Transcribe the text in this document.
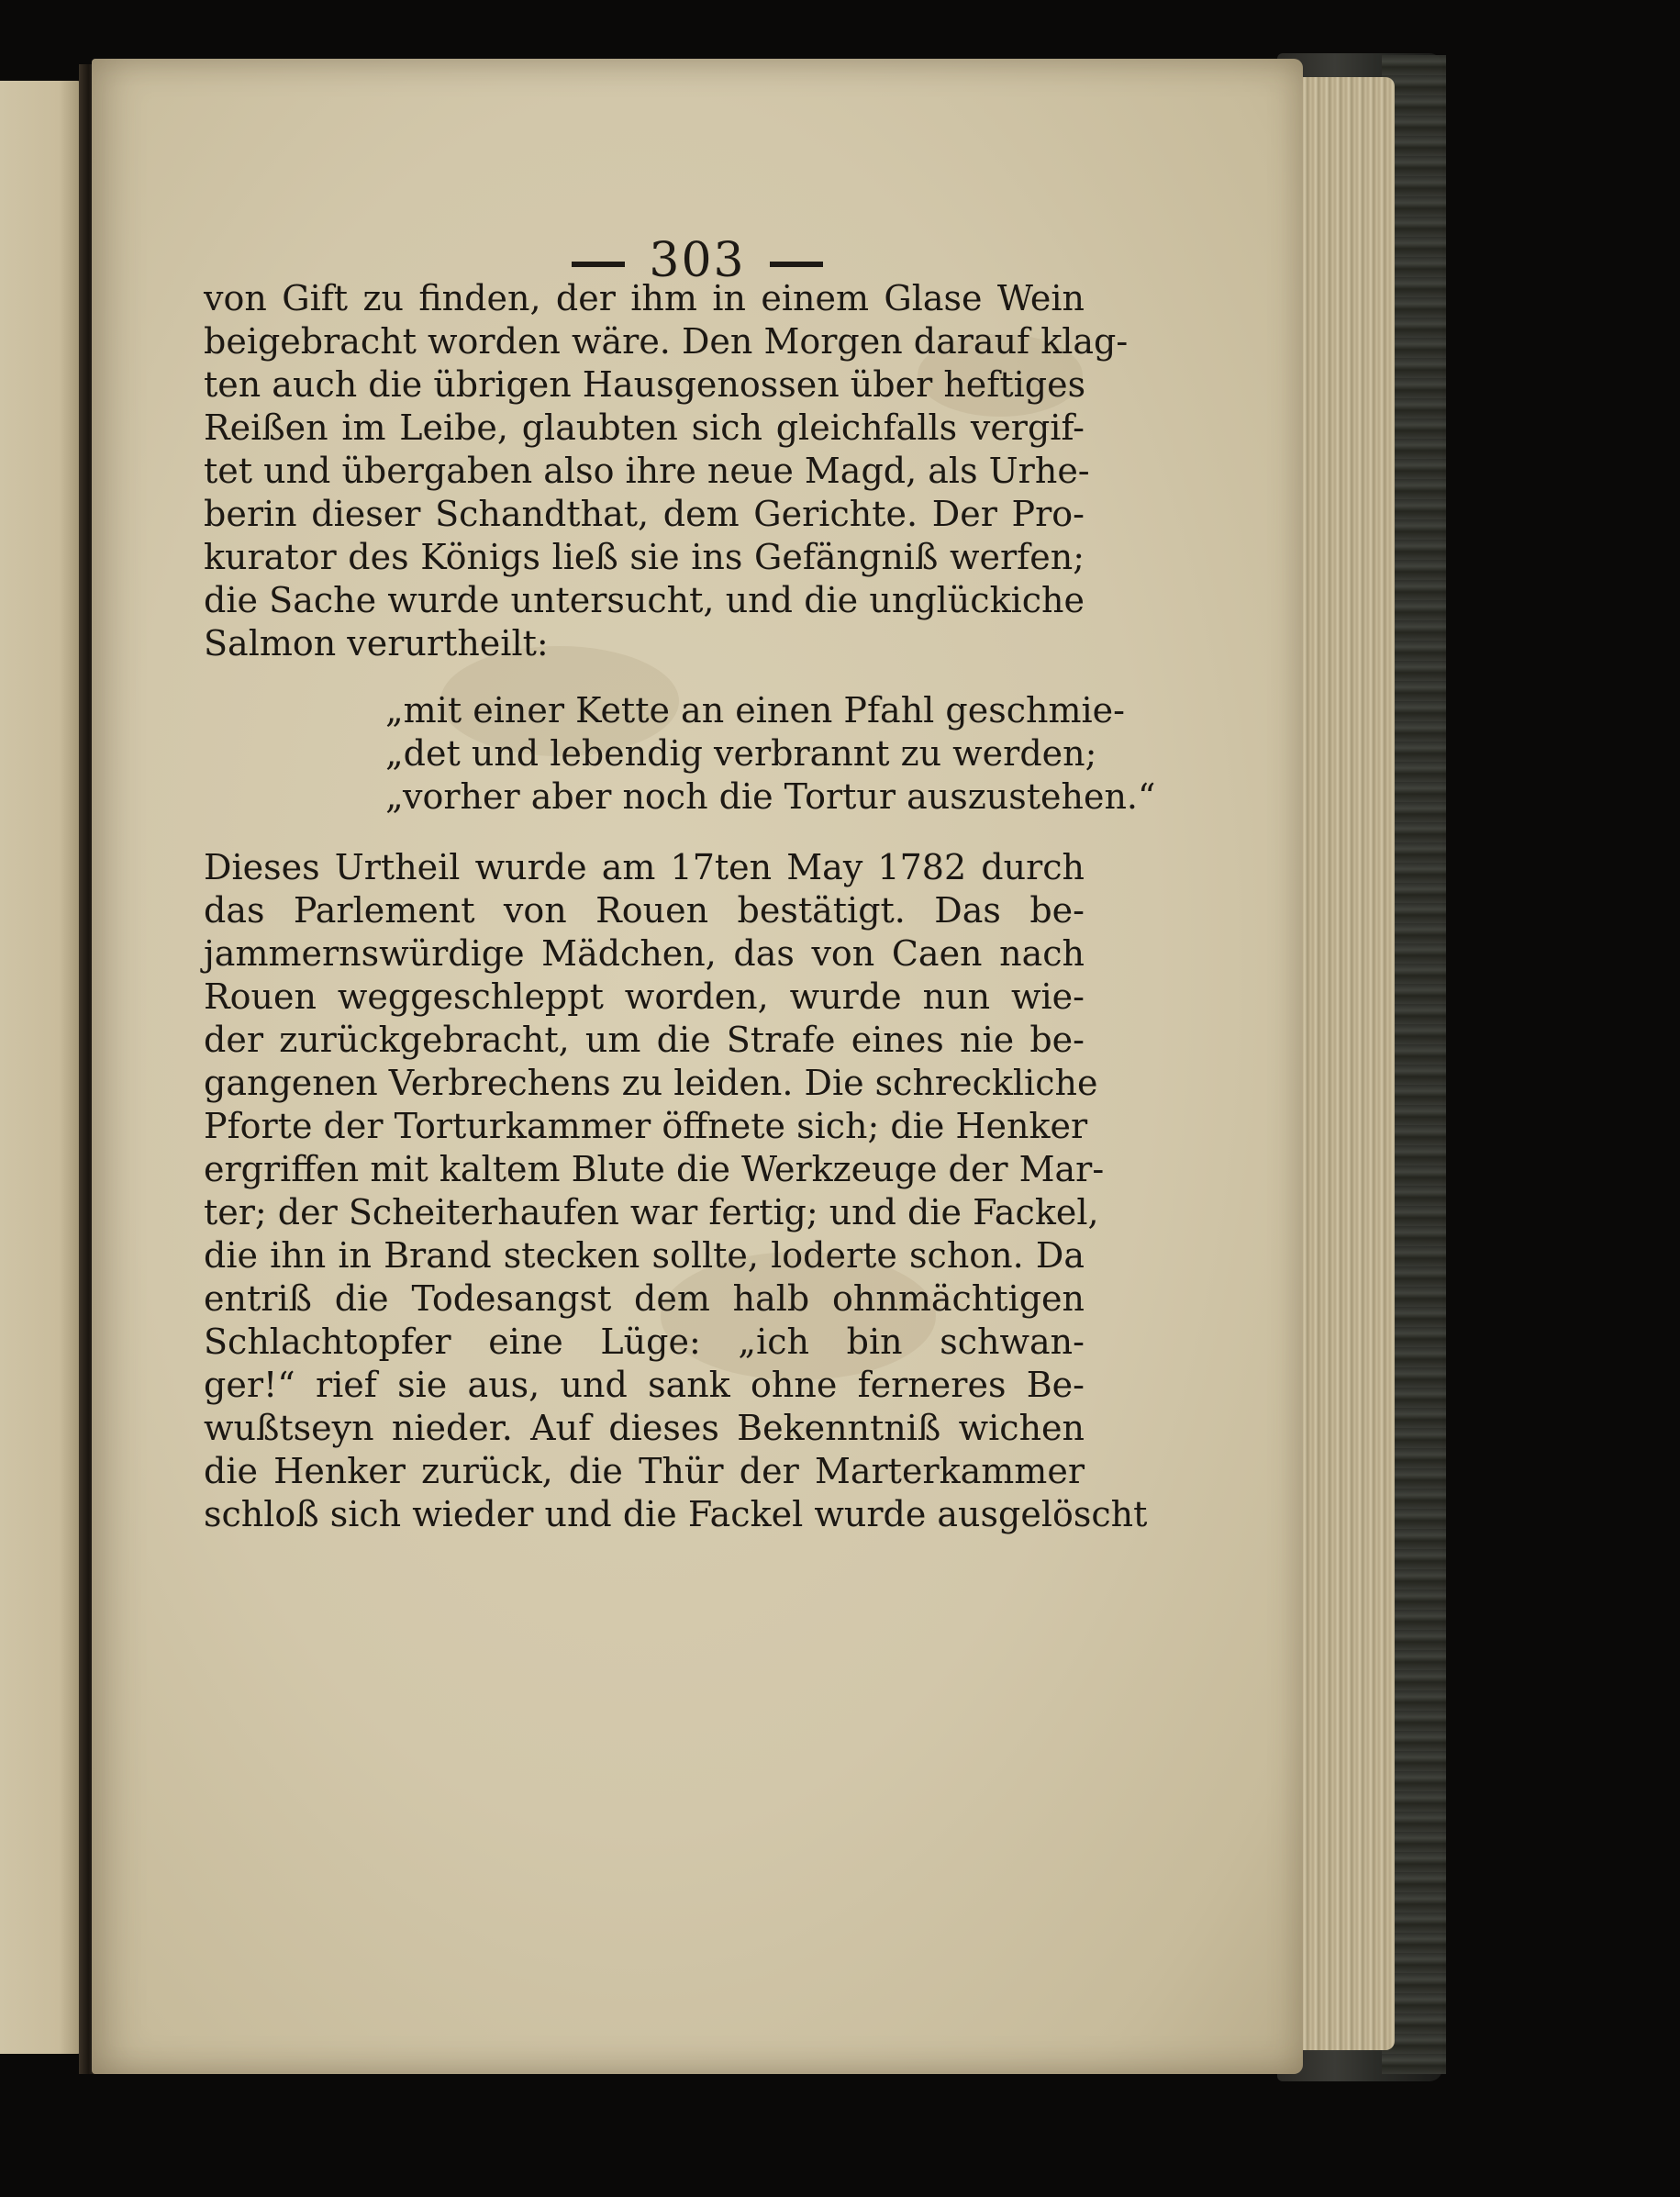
303
von Gift zu finden, der ihm in einem Glase Wein
beigebracht worden wäre. Den Morgen darauf klag-
ten auch die übrigen Hausgenossen über heftiges
Reißen im Leibe, glaubten sich gleichfalls vergif-
tet und übergaben also ihre neue Magd, als Urhe-
berin dieser Schandthat, dem Gerichte. Der Pro-
kurator des Königs ließ sie ins Gefängniß werfen;
die Sache wurde untersucht, und die unglückiche
Salmon verurtheilt:
„mit einer Kette an einen Pfahl geschmie-
„det und lebendig verbrannt zu werden;
„vorher aber noch die Tortur auszustehen.“
Dieses Urtheil wurde am 17ten May 1782 durch
das Parlement von Rouen bestätigt. Das be-
jammernswürdige Mädchen, das von Caen nach
Rouen weggeschleppt worden, wurde nun wie-
der zurückgebracht, um die Strafe eines nie be-
gangenen Verbrechens zu leiden. Die schreckliche
Pforte der Torturkammer öffnete sich; die Henker
ergriffen mit kaltem Blute die Werkzeuge der Mar-
ter; der Scheiterhaufen war fertig; und die Fackel,
die ihn in Brand stecken sollte, loderte schon. Da
entriß die Todesangst dem halb ohnmächtigen
Schlachtopfer eine Lüge: „ich bin schwan-
ger!“ rief sie aus, und sank ohne ferneres Be-
wußtseyn nieder. Auf dieses Bekenntniß wichen
die Henker zurück, die Thür der Marterkammer
schloß sich wieder und die Fackel wurde ausgelöscht
